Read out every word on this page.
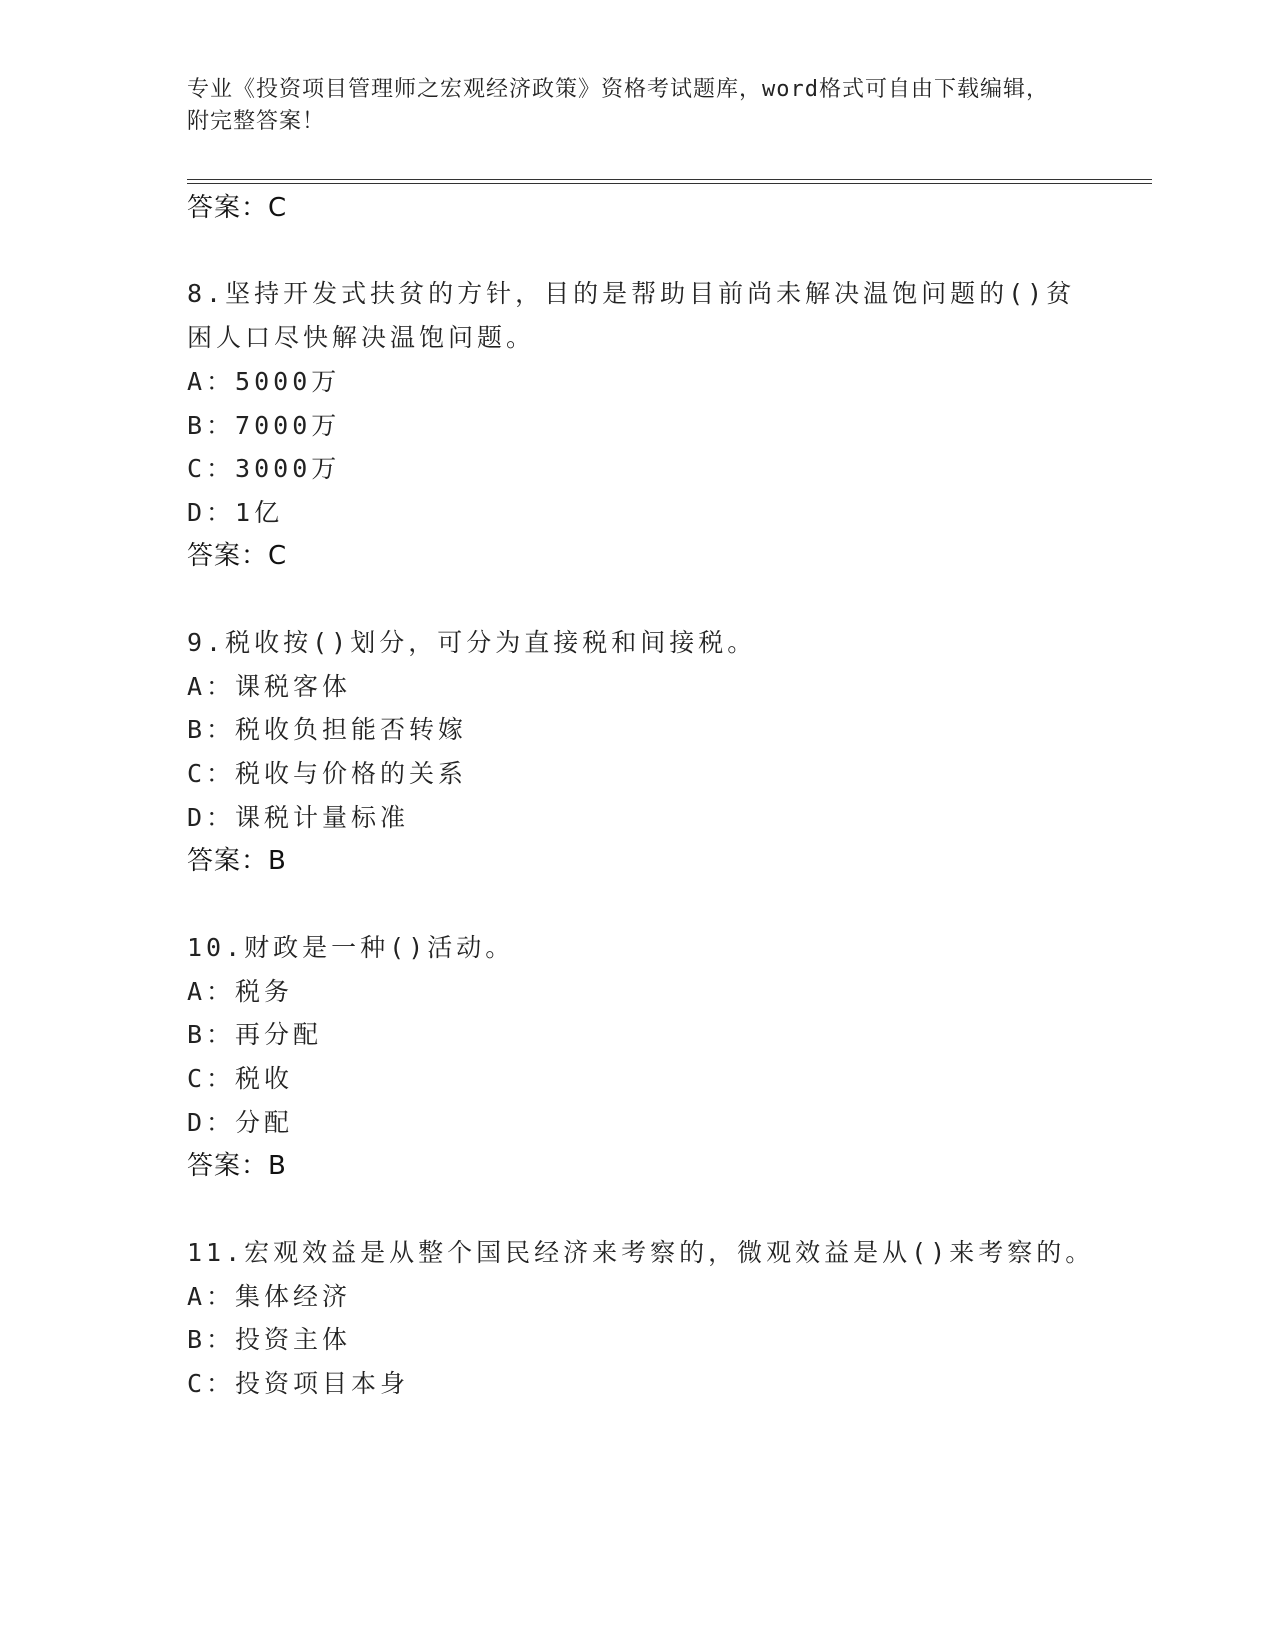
专业《投资项目管理师之宏观经济政策》资格考试题库，word格式可自由下载编辑，附完整答案！
答案：C
8.坚持开发式扶贫的方针，目的是帮助目前尚未解决温饱问题的()贫
困人口尽快解决温饱问题。
A：5000万
B：7000万
C：3000万
D：1亿
答案：C
9.税收按()划分，可分为直接税和间接税。
A：课税客体
B：税收负担能否转嫁
C：税收与价格的关系
D：课税计量标准
答案：B
10.财政是一种()活动。
A：税务
B：再分配
C：税收
D：分配
答案：B
11.宏观效益是从整个国民经济来考察的，微观效益是从()来考察的。
A：集体经济
B：投资主体
C：投资项目本身
